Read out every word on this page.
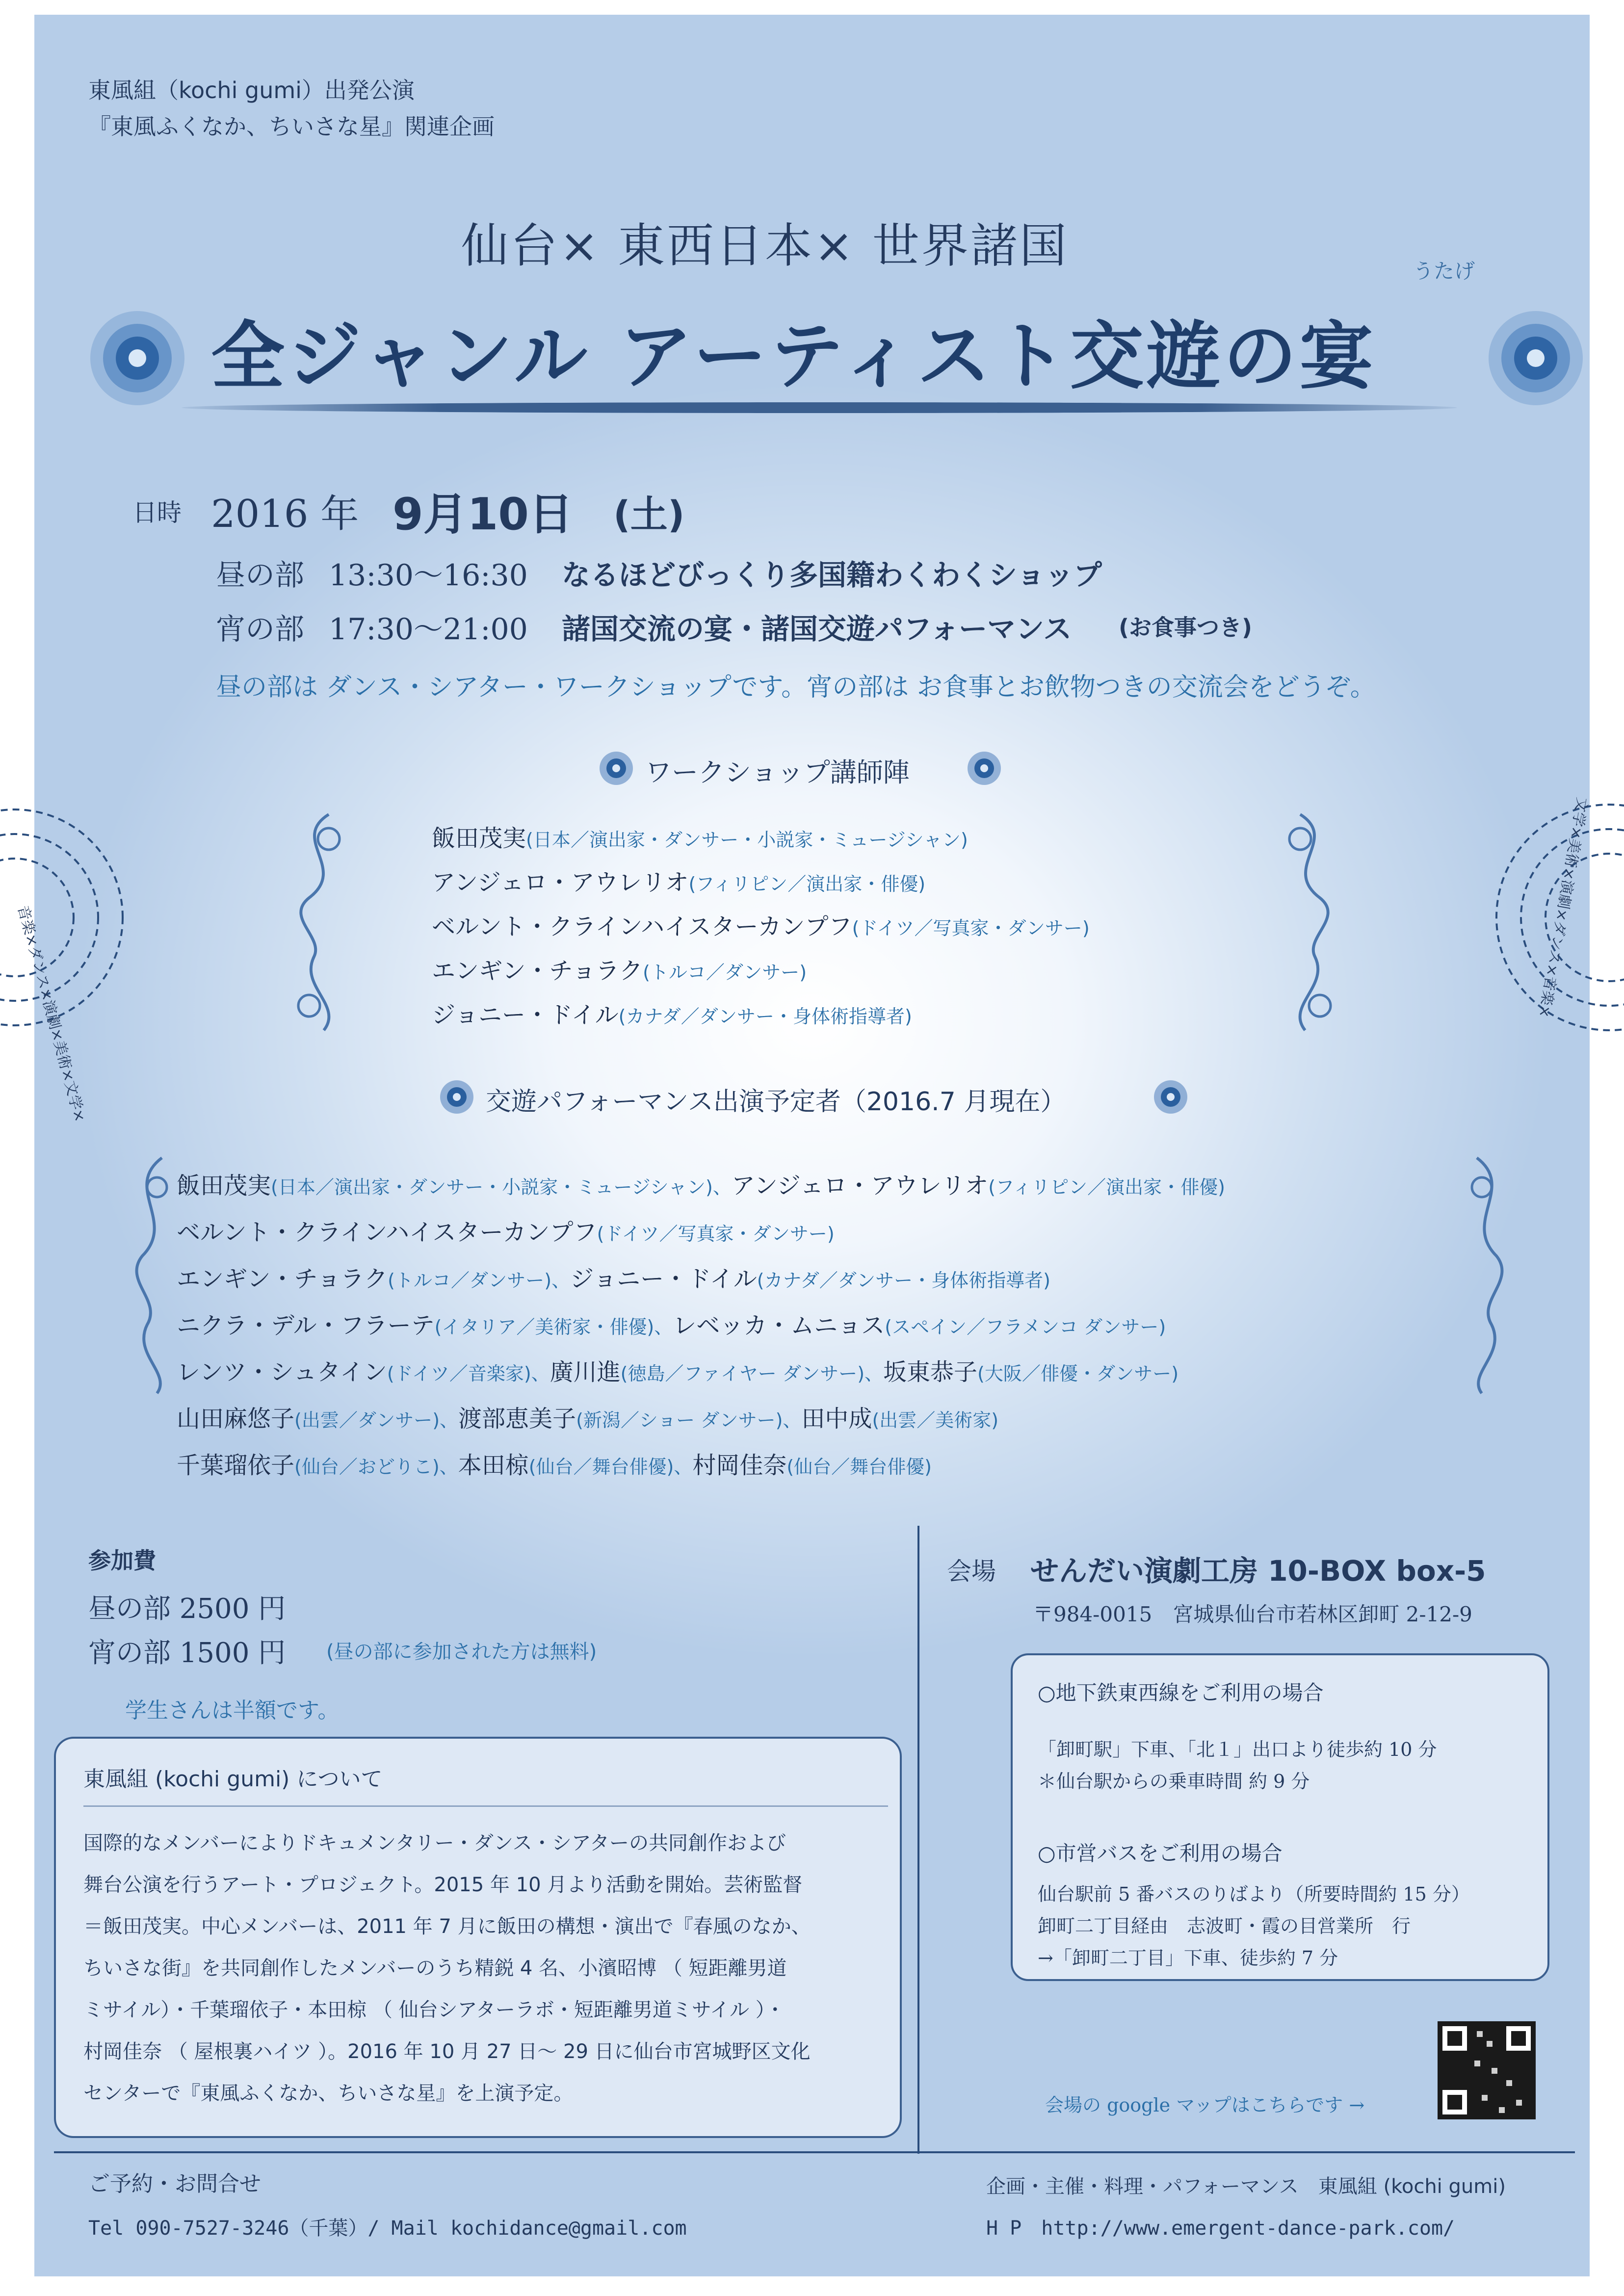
東風組（kochi gumi）出発公演
『東風ふくなか、ちいさな星』関連企画
仙台× 東西日本× 世界諸国	うたげ
全ジャンル アーティスト交遊の宴
日時 2016 年 9月10日 (土)
昼の部 13:30〜16:30 なるほどびっくり多国籍わくわくショップ
宵の部 17:30〜21:00 諸国交流の宴・諸国交遊パフォーマンス (お食事つき)
昼の部は ダンス・シアター・ワークショップです。宵の部は お食事とお飲物つきの交流会をどうぞ。
ワークショップ講師陣
飯田茂実(日本／演出家・ダンサー・小説家・ミュージシャン)
アンジェロ・アウレリオ(フィリピン／演出家・俳優)
ベルント・クラインハイスターカンプフ(ドイツ／写真家・ダンサー)
エンギン・チョラク(トルコ／ダンサー)
ジョニー・ドイル(カナダ／ダンサー・身体術指導者)
音楽×ダンス×演劇×美術×文学×	文学×美術×演劇×ダンス×音楽×
交遊パフォーマンス出演予定者（2016.7 月現在）
飯田茂実(日本／演出家・ダンサー・小説家・ミュージシャン)、アンジェロ・アウレリオ(フィリピン／演出家・俳優)
ベルント・クラインハイスターカンプフ(ドイツ／写真家・ダンサー)
エンギン・チョラク(トルコ／ダンサー)、ジョニー・ドイル(カナダ／ダンサー・身体術指導者)
ニクラ・デル・フラーテ(イタリア／美術家・俳優)、レベッカ・ムニョス(スペイン／フラメンコ ダンサー)
レンツ・シュタイン(ドイツ／音楽家)、廣川進(徳島／ファイヤー ダンサー)、坂東恭子(大阪／俳優・ダンサー)
山田麻悠子(出雲／ダンサー)、渡部恵美子(新潟／ショー ダンサー)、田中成(出雲／美術家)
千葉瑠依子(仙台／おどりこ)、本田椋(仙台／舞台俳優)、村岡佳奈(仙台／舞台俳優)
参加費
昼の部 2500 円
宵の部 1500 円 (昼の部に参加された方は無料)
学生さんは半額です。
東風組 (kochi gumi) について
国際的なメンバーによりドキュメンタリー・ダンス・シアターの共同創作および
舞台公演を行うアート・プロジェクト。2015 年 10 月より活動を開始。芸術監督
＝飯田茂実。中心メンバーは、2011 年 7 月に飯田の構想・演出で『春風のなか、
ちいさな街』を共同創作したメンバーのうち精鋭 4 名、小濱昭博 （ 短距離男道
ミサイル）・千葉瑠依子・本田椋 （ 仙台シアターラボ・短距離男道ミサイル ）・
村岡佳奈 （ 屋根裏ハイツ ）。2016 年 10 月 27 日〜 29 日に仙台市宮城野区文化
センターで『東風ふくなか、ちいさな星』を上演予定。
会場 せんだい演劇工房 10-BOX box-5
〒984-0015　宮城県仙台市若林区卸町 2-12-9
○地下鉄東西線をご利用の場合
「卸町駅」下車、「北１」出口より徒歩約 10 分
＊仙台駅からの乗車時間 約 9 分
○市営バスをご利用の場合
仙台駅前 5 番バスのりばより（所要時間約 15 分）
卸町二丁目経由　志波町・霞の目営業所　行
→「卸町二丁目」下車、徒歩約 7 分
会場の google マップはこちらです →
ご予約・お問合せ
Tel 090-7527-3246（千葉）/ Mail kochidance@gmail.com
企画・主催・料理・パフォーマンス　東風組 (kochi gumi)
H P　http://www.emergent-dance-park.com/
